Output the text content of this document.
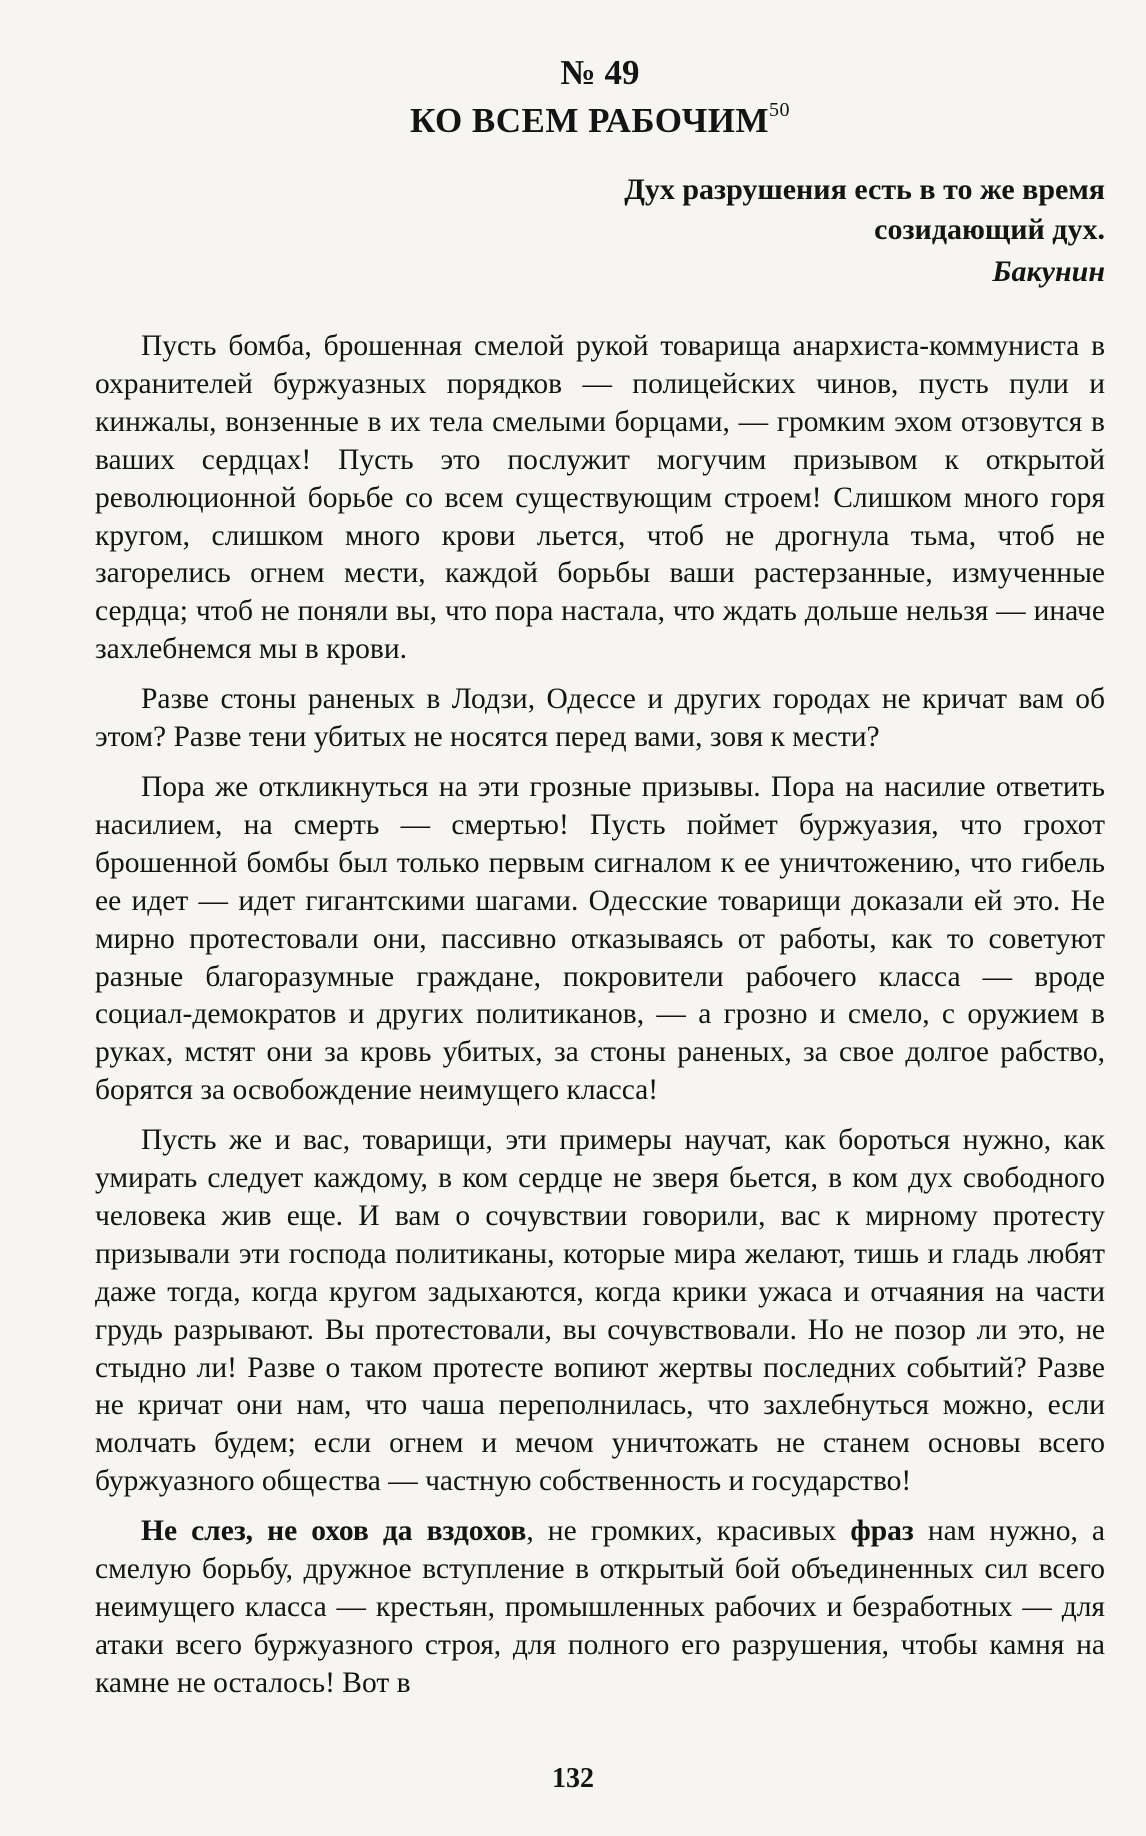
№ 49
КО ВСЕМ РАБОЧИМ$^{50}$
Дух разрушения есть в то же время
созидающий дух.
Бакунин

Пусть бомба, брошенная смелой рукой товарища анархиста-коммуниста в охранителей буржуазных порядков — полицейских чинов, пусть пули и кинжалы, вонзенные в их тела смелыми борцами, — громким эхом отзовутся в ваших сердцах! Пусть это послужит могучим призывом к открытой революционной борьбе со всем существующим строем! Слишком много горя кругом, слишком много крови льется, чтоб не дрогнула тьма, чтоб не загорелись огнем мести, каждой борьбы ваши растерзанные, измученные сердца; чтоб не поняли вы, что пора настала, что ждать дольше нельзя — иначе захлебнемся мы в крови.

Разве стоны раненых в Лодзи, Одессе и других городах не кричат вам об этом? Разве тени убитых не носятся перед вами, зовя к мести?

Пора же откликнуться на эти грозные призывы. Пора на насилие ответить насилием, на смерть — смертью! Пусть поймет буржуазия, что грохот брошенной бомбы был только первым сигналом к ее уничтожению, что гибель ее идет — идет гигантскими шагами. Одесские товарищи доказали ей это. Не мирно протестовали они, пассивно отказываясь от работы, как то советуют разные благоразумные граждане, покровители рабочего класса — вроде социал-демократов и других политиканов, — а грозно и смело, с оружием в руках, мстят они за кровь убитых, за стоны раненых, за свое долгое рабство, борятся за освобождение неимущего класса!

Пусть же и вас, товарищи, эти примеры научат, как бороться нужно, как умирать следует каждому, в ком сердце не зверя бьется, в ком дух свободного человека жив еще. И вам о сочувствии говорили, вас к мирному протесту призывали эти господа политиканы, которые мира желают, тишь и гладь любят даже тогда, когда кругом задыхаются, когда крики ужаса и отчаяния на части грудь разрывают. Вы протестовали, вы сочувствовали. Но не позор ли это, не стыдно ли! Разве о таком протесте вопиют жертвы последних событий? Разве не кричат они нам, что чаша переполнилась, что захлебнуться можно, если молчать будем; если огнем и мечом уничтожать не станем основы всего буржуазного общества — частную собственность и государство!

Не слез, не охов да вздохов, не громких, красивых фраз нам нужно, а смелую борьбу, дружное вступление в открытый бой объединенных сил всего неимущего класса — крестьян, промышленных рабочих и безработных — для атаки всего буржуазного строя, для полного его разрушения, чтобы камня на камне не осталось! Вот в

132
